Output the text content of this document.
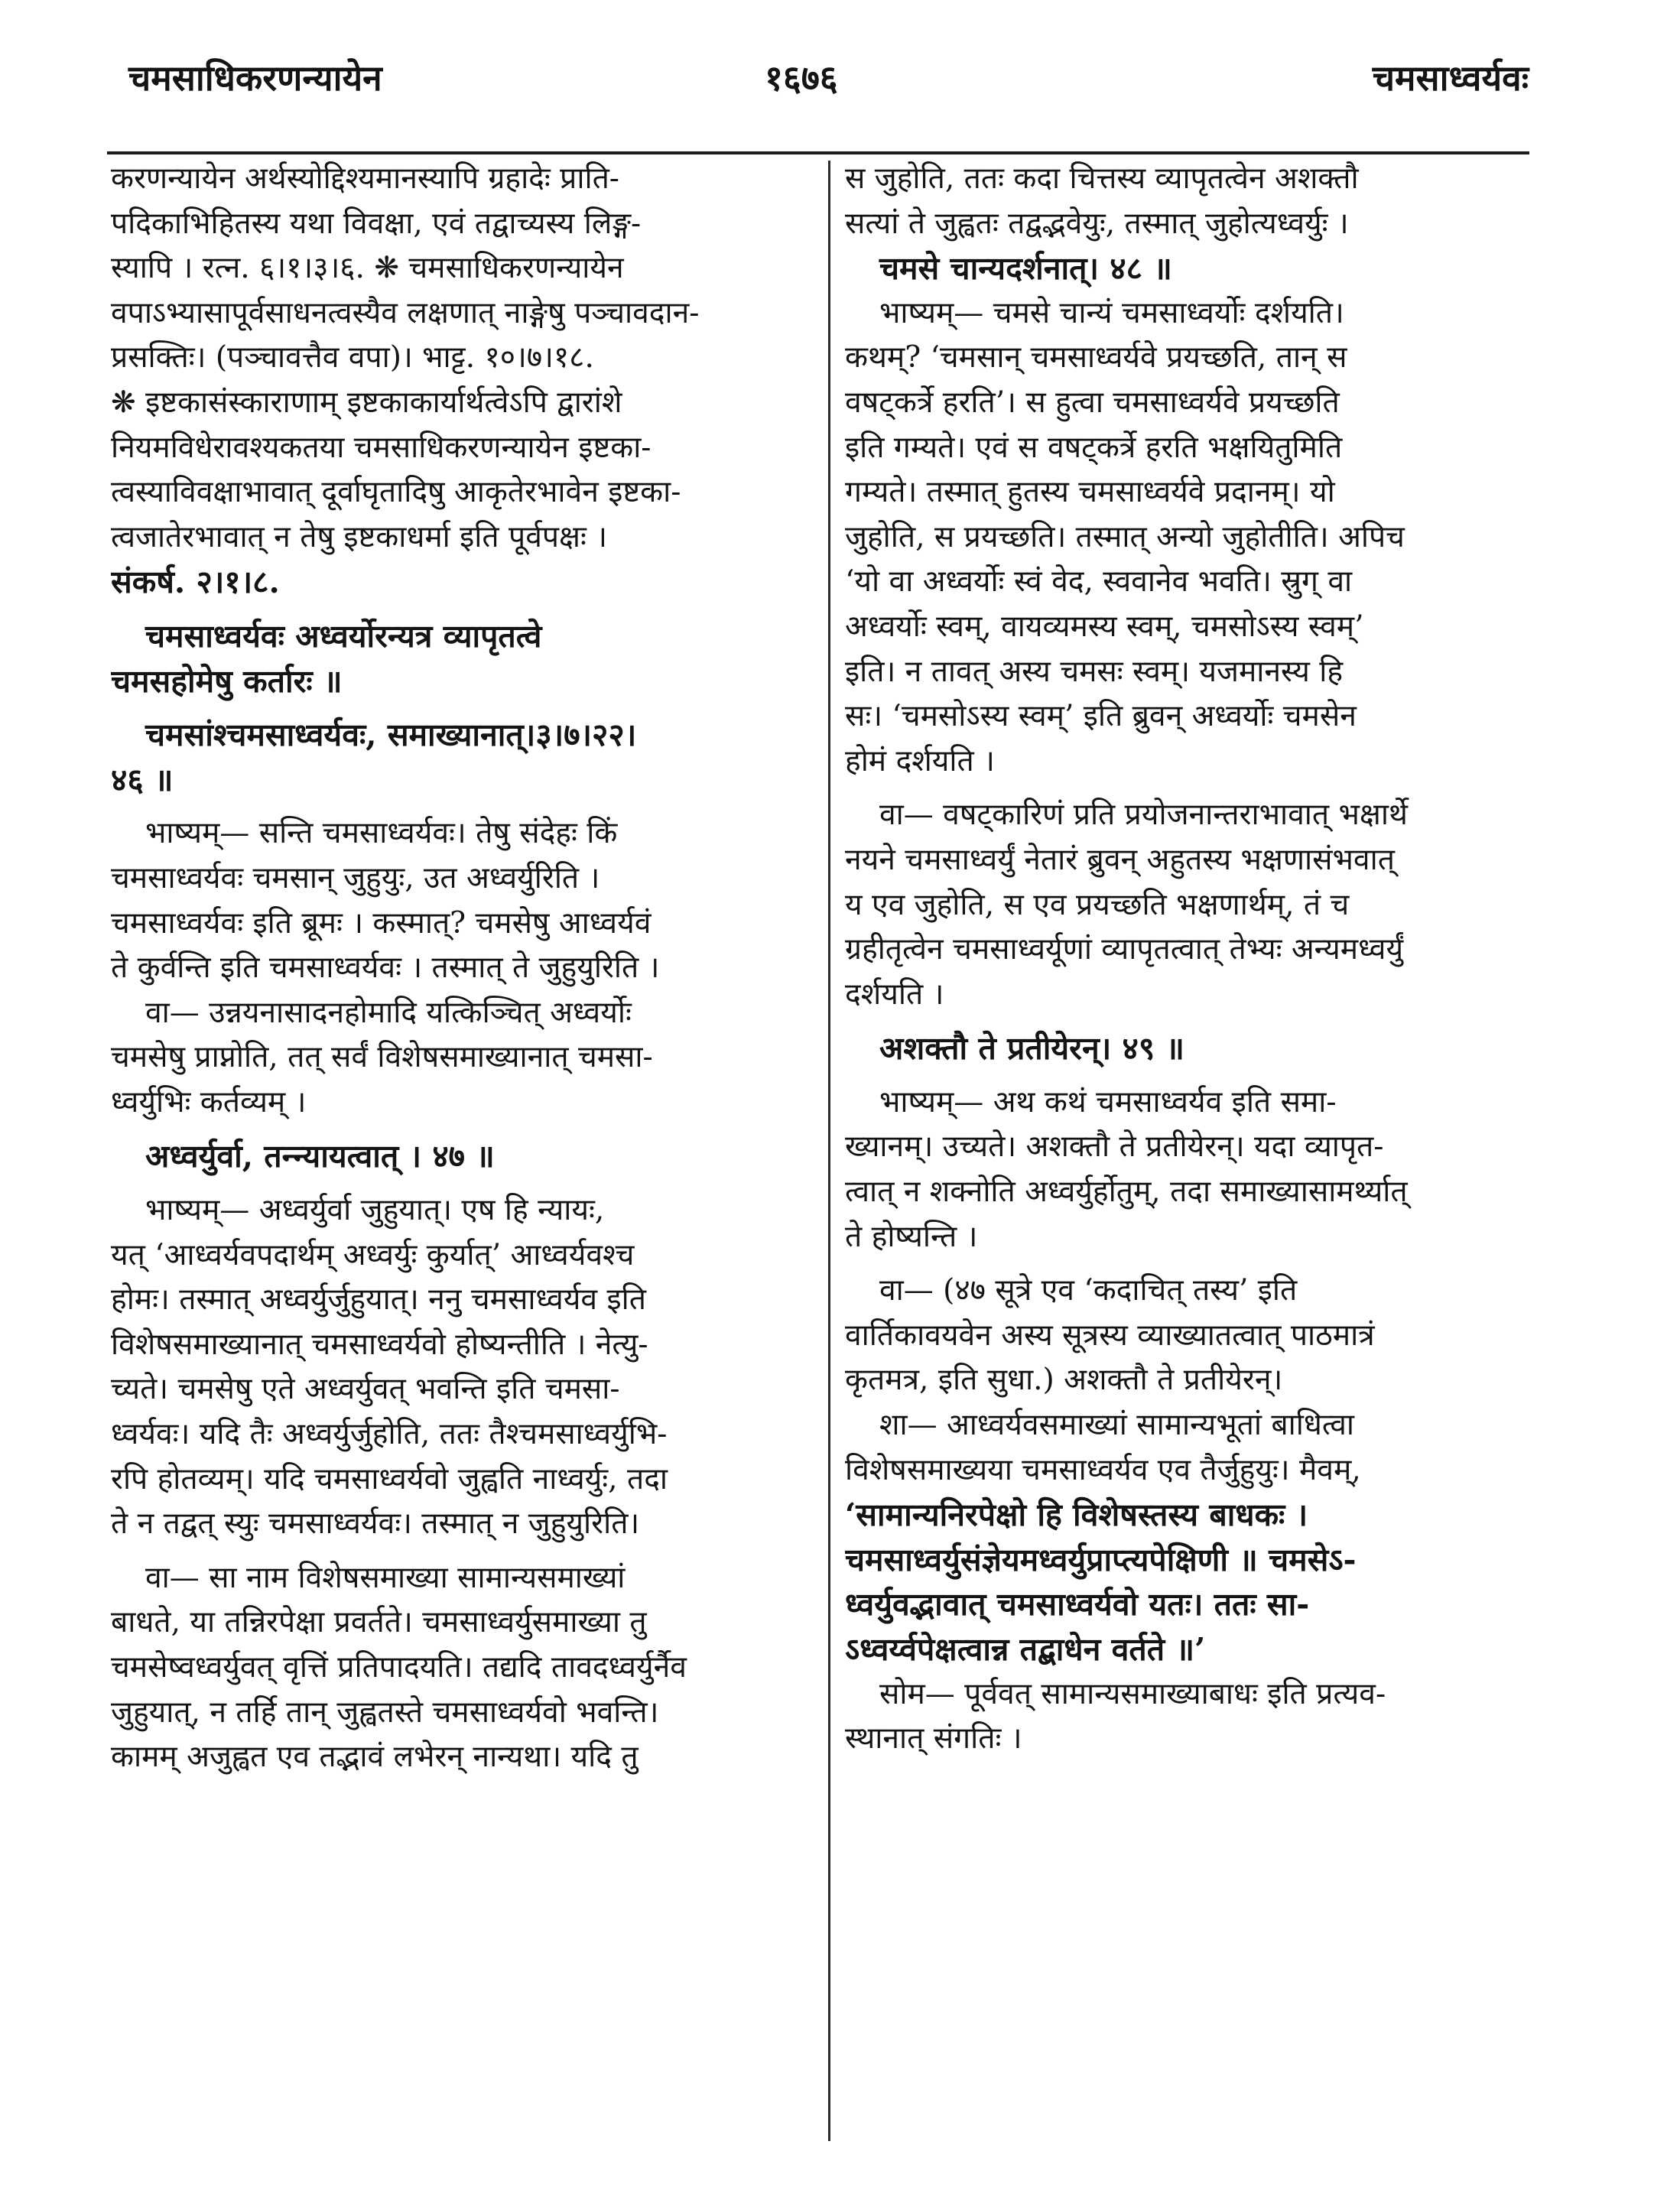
चमसाधिकरणन्यायेन	१६७६	चमसाध्वर्यवः
करणन्यायेन अर्थस्योद्दिश्यमानस्यापि ग्रहादेः प्राति-
पदिकाभिहितस्य यथा विवक्षा, एवं तद्वाच्यस्य लिङ्ग-
स्यापि । रत्न. ६।१।३।६. ❋ चमसाधिकरणन्यायेन
वपाऽभ्यासापूर्वसाधनत्वस्यैव लक्षणात् नाङ्गेषु पञ्चावदान-
प्रसक्तिः। (पञ्चावत्तैव वपा)। भाट्ट. १०।७।१८.
❋ इष्टकासंस्काराणाम् इष्टकाकार्यार्थत्वेऽपि द्वारांशे
नियमविधेरावश्यकतया चमसाधिकरणन्यायेन इष्टका-
त्वस्याविवक्षाभावात् दूर्वाघृतादिषु आकृतेरभावेन इष्टका-
त्वजातेरभावात् न तेषु इष्टकाधर्मा इति पूर्वपक्षः ।
संकर्ष. २।१।८.
चमसाध्वर्यवः अध्वर्योरन्यत्र व्यापृतत्वे
चमसहोमेषु कर्तारः ॥
चमसांश्चमसाध्वर्यवः, समाख्यानात्।३।७।२२।
४६ ॥
भाष्यम्— सन्ति चमसाध्वर्यवः। तेषु संदेहः किं
चमसाध्वर्यवः चमसान् जुहुयुः, उत अध्वर्युरिति ।
चमसाध्वर्यवः इति ब्रूमः । कस्मात्? चमसेषु आध्वर्यवं
ते कुर्वन्ति इति चमसाध्वर्यवः । तस्मात् ते जुहुयुरिति ।
वा— उन्नयनासादनहोमादि यत्किञ्चित् अध्वर्योः
चमसेषु प्राप्नोति, तत् सर्वं विशेषसमाख्यानात् चमसा-
ध्वर्युभिः कर्तव्यम् ।
अध्वर्युर्वा, तन्न्यायत्वात् । ४७ ॥
भाष्यम्— अध्वर्युर्वा जुहुयात्। एष हि न्यायः,
यत् ‘आध्वर्यवपदार्थम् अध्वर्युः कुर्यात्’ आध्वर्यवश्च
होमः। तस्मात् अध्वर्युर्जुहुयात्। ननु चमसाध्वर्यव इति
विशेषसमाख्यानात् चमसाध्वर्यवो होष्यन्तीति । नेत्यु-
च्यते। चमसेषु एते अध्वर्युवत् भवन्ति इति चमसा-
ध्वर्यवः। यदि तैः अध्वर्युर्जुहोति, ततः तैश्चमसाध्वर्युभि-
रपि होतव्यम्। यदि चमसाध्वर्यवो जुह्वति नाध्वर्युः, तदा
ते न तद्वत् स्युः चमसाध्वर्यवः। तस्मात् न जुहुयुरिति।
वा— सा नाम विशेषसमाख्या सामान्यसमाख्यां
बाधते, या तन्निरपेक्षा प्रवर्तते। चमसाध्वर्युसमाख्या तु
चमसेष्वध्वर्युवत् वृत्तिं प्रतिपादयति। तद्यदि तावदध्वर्युर्नैव
जुहुयात्, न तर्हि तान् जुह्वतस्ते चमसाध्वर्यवो भवन्ति।
कामम् अजुह्वत एव तद्भावं लभेरन् नान्यथा। यदि तु
स जुहोति, ततः कदा चित्तस्य व्यापृतत्वेन अशक्तौ
सत्यां ते जुह्वतः तद्वद्भवेयुः, तस्मात् जुहोत्यध्वर्युः ।
चमसे चान्यदर्शनात्। ४८ ॥
भाष्यम्— चमसे चान्यं चमसाध्वर्योः दर्शयति।
कथम्? ‘चमसान् चमसाध्वर्यवे प्रयच्छति, तान् स
वषट्कर्त्रे हरति’। स हुत्वा चमसाध्वर्यवे प्रयच्छति
इति गम्यते। एवं स वषट्कर्त्रे हरति भक्षयितुमिति
गम्यते। तस्मात् हुतस्य चमसाध्वर्यवे प्रदानम्। यो
जुहोति, स प्रयच्छति। तस्मात् अन्यो जुहोतीति। अपिच
‘यो वा अध्वर्योः स्वं वेद, स्ववानेव भवति। स्रुग् वा
अध्वर्योः स्वम्, वायव्यमस्य स्वम्, चमसोऽस्य स्वम्’
इति। न तावत् अस्य चमसः स्वम्। यजमानस्य हि
सः। ‘चमसोऽस्य स्वम्’ इति ब्रुवन् अध्वर्योः चमसेन
होमं दर्शयति ।
वा— वषट्कारिणं प्रति प्रयोजनान्तराभावात् भक्षार्थे
नयने चमसाध्वर्युं नेतारं ब्रुवन् अहुतस्य भक्षणासंभवात्
य एव जुहोति, स एव प्रयच्छति भक्षणार्थम्, तं च
ग्रहीतृत्वेन चमसाध्वर्यूणां व्यापृतत्वात् तेभ्यः अन्यमध्वर्युं
दर्शयति ।
अशक्तौ ते प्रतीयेरन्। ४९ ॥
भाष्यम्— अथ कथं चमसाध्वर्यव इति समा-
ख्यानम्। उच्यते। अशक्तौ ते प्रतीयेरन्। यदा व्यापृत-
त्वात् न शक्नोति अध्वर्युर्होतुम्, तदा समाख्यासामर्थ्यात्
ते होष्यन्ति ।
वा— (४७ सूत्रे एव ‘कदाचित् तस्य’ इति
वार्तिकावयवेन अस्य सूत्रस्य व्याख्यातत्वात् पाठमात्रं
कृतमत्र, इति सुधा.) अशक्तौ ते प्रतीयेरन्।
शा— आध्वर्यवसमाख्यां सामान्यभूतां बाधित्वा
विशेषसमाख्यया चमसाध्वर्यव एव तैर्जुहुयुः। मैवम्,
‘सामान्यनिरपेक्षो हि विशेषस्तस्य बाधकः ।
चमसाध्वर्युसंज्ञेयमध्वर्युप्राप्त्यपेक्षिणी ॥ चमसेऽ-
ध्वर्युवद्भावात् चमसाध्वर्यवो यतः। ततः सा-
ऽध्वर्य्वपेक्षत्वान्न तद्बाधेन वर्तते ॥’
सोम— पूर्ववत् सामान्यसमाख्याबाधः इति प्रत्यव-
स्थानात् संगतिः ।
